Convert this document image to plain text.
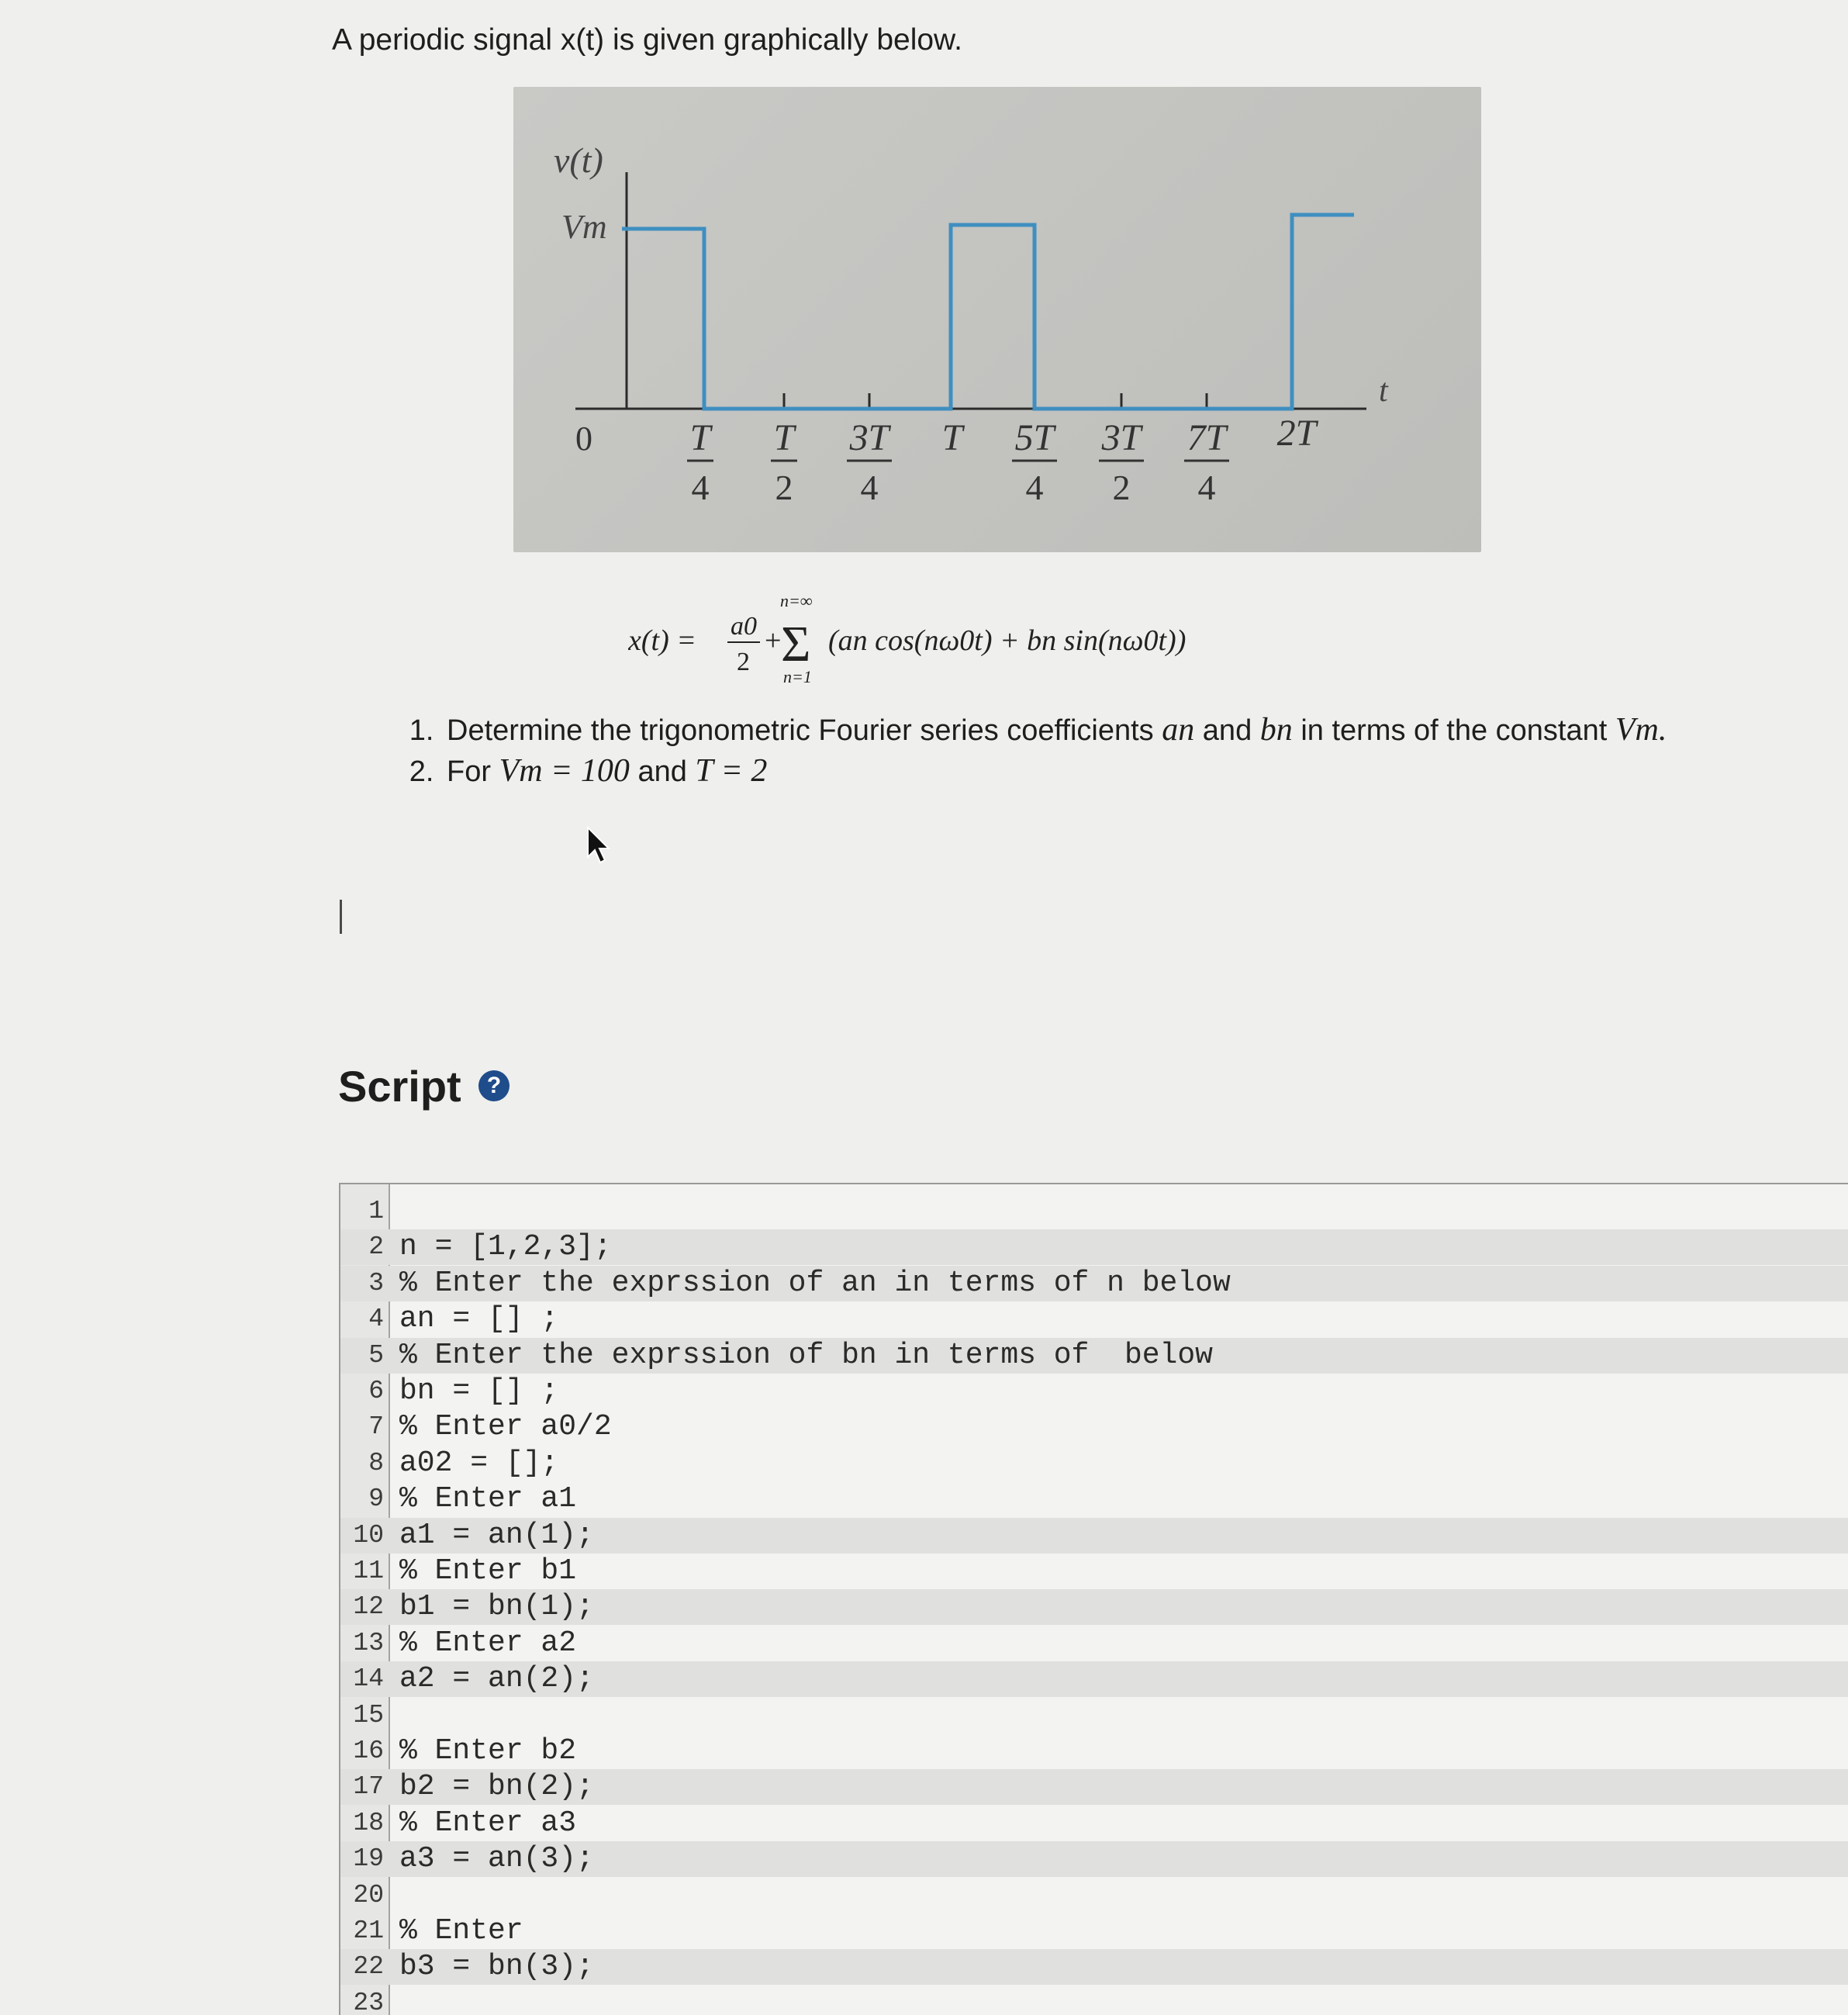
A periodic signal x(t) is given graphically below.
v(t)
Vm
t
0	T
4
T
2
3T
4
T 5T
4
3T
2
7T
4
2T
x(t) = a0
2
+
n=∞
Σ
n=1
(an cos(nω0t) + bn sin(nω0t))
1. Determine the trigonometric Fourier series coefficients an and bn in terms of the constant Vm.
2. For Vm = 100 and T = 2
Script	?
1
2 n = [1,2,3];
3 % Enter the exprssion of an in terms of n below
4 an = [] ;
5 % Enter the exprssion of bn in terms of  below
6 bn = [] ;
7 % Enter a0/2
8 a02 = [];
9 % Enter a1
10 a1 = an(1);
11 % Enter b1
12 b1 = bn(1);
13 % Enter a2
14 a2 = an(2);
15
16 % Enter b2
17 b2 = bn(2);
18 % Enter a3
19 a3 = an(3);
20
21 % Enter
22 b3 = bn(3);
23
